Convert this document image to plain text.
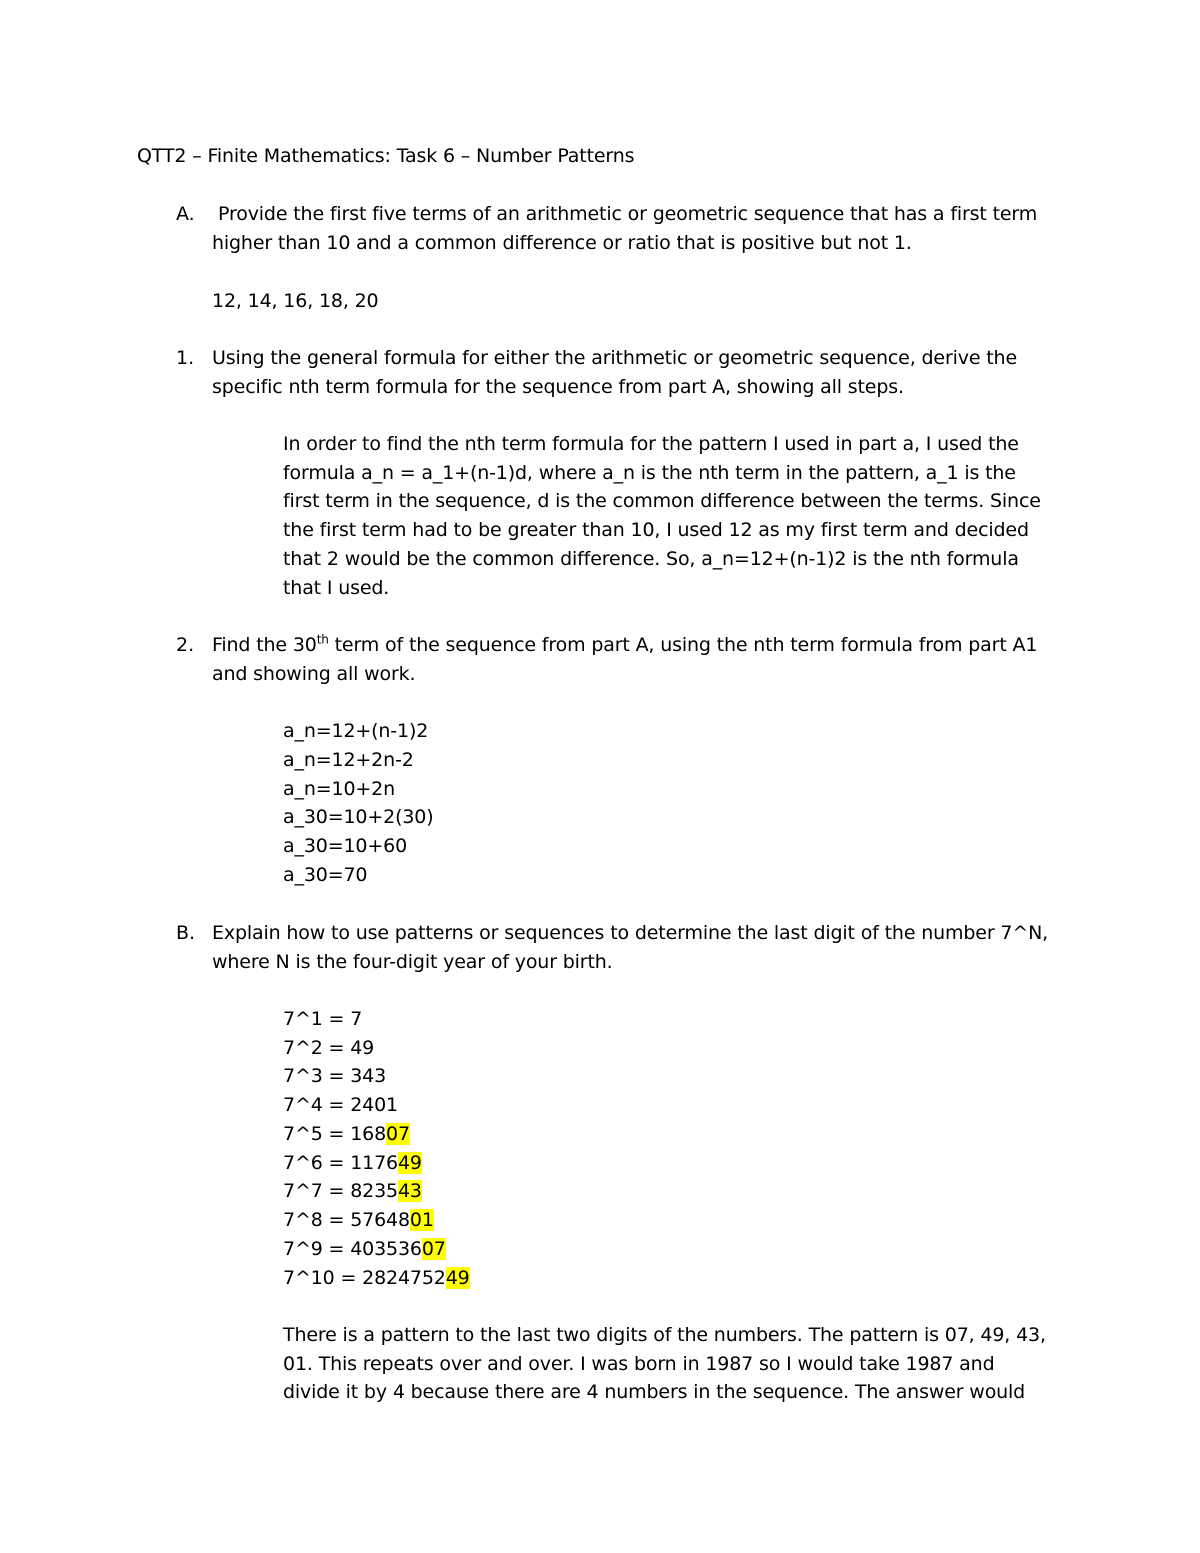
QTT2 – Finite Mathematics: Task 6 – Number Patterns
A. Provide the first five terms of an arithmetic or geometric sequence that has a first term
higher than 10 and a common difference or ratio that is positive but not 1.
12, 14, 16, 18, 20
1. Using the general formula for either the arithmetic or geometric sequence, derive the
specific nth term formula for the sequence from part A, showing all steps.
In order to find the nth term formula for the pattern I used in part a, I used the
formula a_n = a_1+(n-1)d, where a_n is the nth term in the pattern, a_1 is the
first term in the sequence, d is the common difference between the terms. Since
the first term had to be greater than 10, I used 12 as my first term and decided
that 2 would be the common difference. So, a_n=12+(n-1)2 is the nth formula
that I used.
2. Find the 30th term of the sequence from part A, using the nth term formula from part A1
and showing all work.
a_n=12+(n-1)2
a_n=12+2n-2
a_n=10+2n
a_30=10+2(30)
a_30=10+60
a_30=70
B. Explain how to use patterns or sequences to determine the last digit of the number 7^N,
where N is the four-digit year of your birth.
7^1 = 7
7^2 = 49
7^3 = 343
7^4 = 2401
7^5 = 16807
7^6 = 117649
7^7 = 823543
7^8 = 5764801
7^9 = 40353607
7^10 = 282475249
There is a pattern to the last two digits of the numbers. The pattern is 07, 49, 43,
01. This repeats over and over. I was born in 1987 so I would take 1987 and
divide it by 4 because there are 4 numbers in the sequence. The answer would
